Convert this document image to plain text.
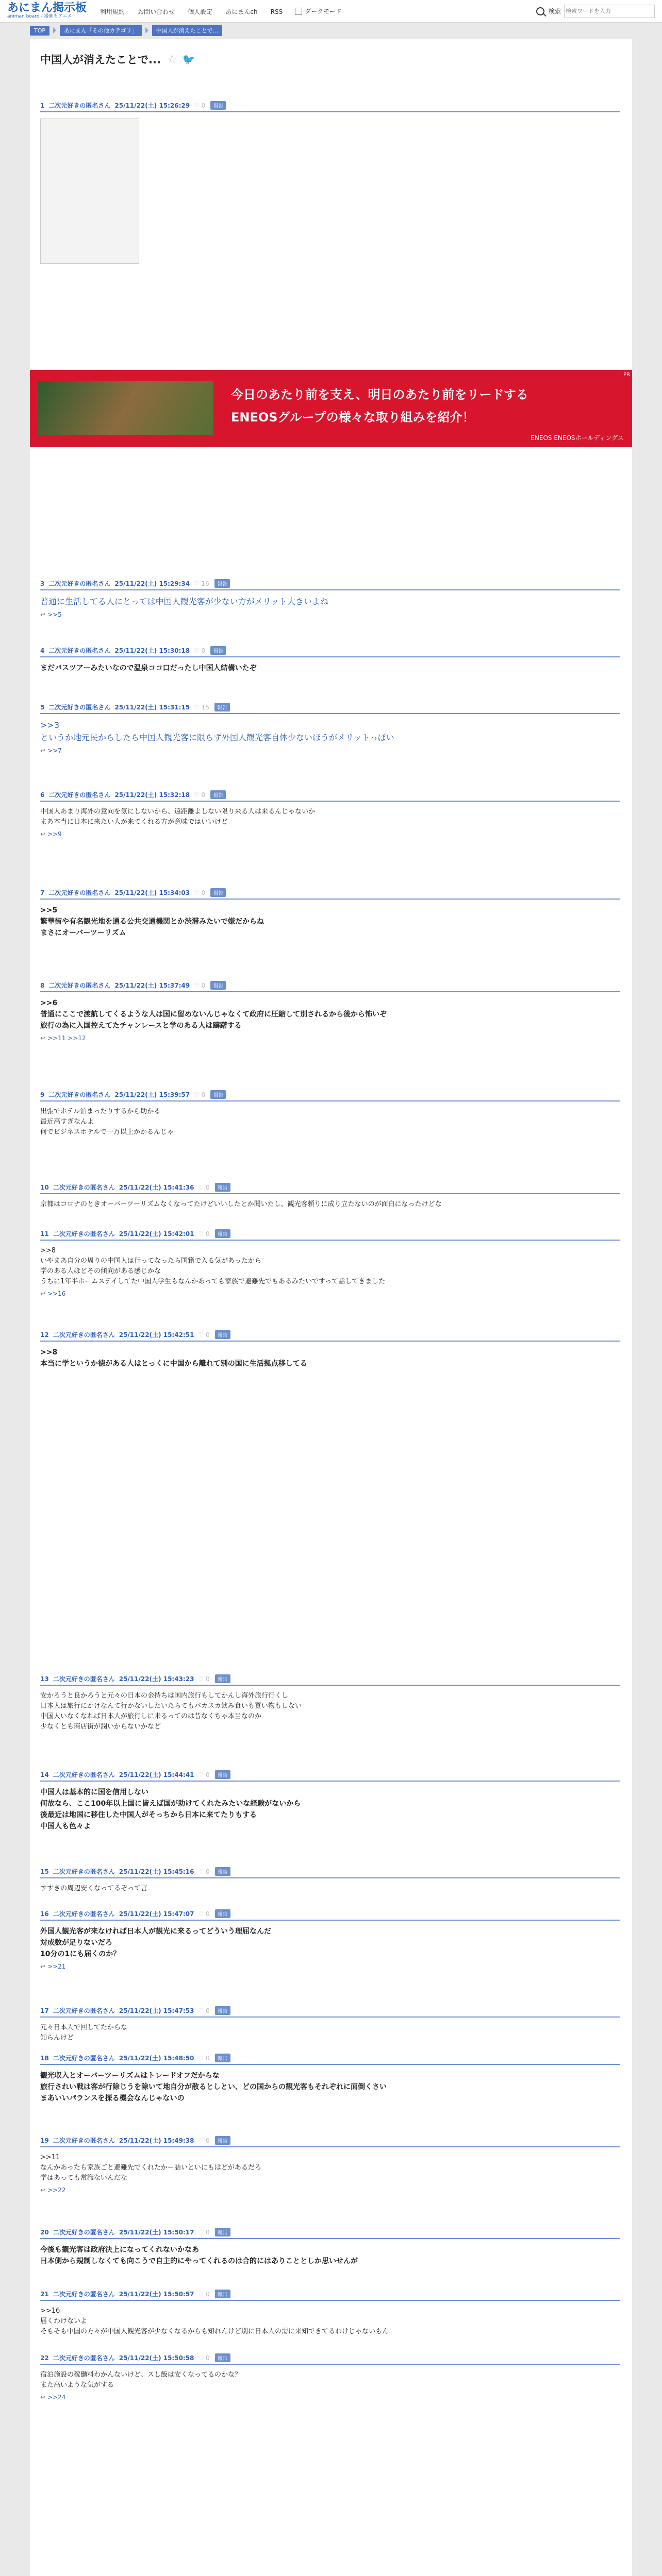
あにまん掲示板
animan board - 漫画もアニメ
利用規約 お問い合わせ 個人設定 あにまんch RSS	ダークモード	検索
検索ワードを入力
TOP	あにまん「その他カテゴリ」	中国人が消えたことで...
中国人が消えたことで... ☆ 🐦
1 二次元好きの匿名さん 25/11/22(土) 15:26:29 ♡ 0	報告
3 二次元好きの匿名さん 25/11/22(土) 15:29:34 ♡ 16	報告
普通に生活してる人にとっては中国人観光客が少ない方がメリット大きいよね
↩ >>5
4 二次元好きの匿名さん 25/11/22(土) 15:30:18 ♡ 0	報告
まだバスツアーみたいなので温泉ココ口だったし中国人結構いたぞ
5 二次元好きの匿名さん 25/11/22(土) 15:31:15 ♡ 15	報告
>>3
というか地元民からしたら中国人観光客に限らず外国人観光客自体少ないほうがメリットっぽい
↩ >>7
6 二次元好きの匿名さん 25/11/22(土) 15:32:18 ♡ 0	報告
中国人あまり海外の意向を気にしないから、遠距離よしない限り来る人は来るんじゃないか
まあ本当に日本に来たい人が来てくれる方が意味ではいいけど
↩ >>9
7 二次元好きの匿名さん 25/11/22(土) 15:34:03 ♡ 0	報告
>>5
繁華街や有名観光地を通る公共交通機関とか渋滞みたいで嫌だからね
まさにオーバーツーリズム
8 二次元好きの匿名さん 25/11/22(土) 15:37:49 ♡ 0	報告
>>6
普通にここで渡航してくるような人は国に留めないんじゃなくて政府に圧縮して別されるから後から怖いぞ
旅行の為に入国控えてたチャンレースと学のある人は躊躇する
↩ >>11 >>12
9 二次元好きの匿名さん 25/11/22(土) 15:39:57 ♡ 0	報告
出張でホテル泊まったりするから助かる
最近高すぎなんよ
何でビジネスホテルで一万以上かかるんじゃ
10 二次元好きの匿名さん 25/11/22(土) 15:41:36 ♡ 0	報告
京都はコロナのときオーバーツーリズムなくなってたけどいいしたとか聞いたし、観光客頼りに成り立たないのが面白になったけどな
11 二次元好きの匿名さん 25/11/22(土) 15:42:01 ♡ 0	報告
>>8
いやまあ自分の周りの中国人は行ってなったら国籍で入る気があったから
学のある人ほどその傾向がある感じかな
うちに1年半ホームステイしてた中国人学生もなんかあっても家族で避難先でもあるみたいですって話してきました
↩ >>16
12 二次元好きの匿名さん 25/11/22(土) 15:42:51 ♡ 0	報告
>>8
本当に学というか徳がある人はとっくに中国から離れて別の国に生活拠点移してる
13 二次元好きの匿名さん 25/11/22(土) 15:43:23 ♡ 0	報告
安かろうと良かろうと元々の日本の金持ちは国内旅行もしてかんし海外旅行行くし
日本人は旅行にかけなんて行かないしたいたらてもバカスカ飲み食いも買い物もしない
中国人いなくなれば日本人が旅行しに来るってのは昔なくちゃ本当なのか
少なくとも商店街が潤いからないかなど
14 二次元好きの匿名さん 25/11/22(土) 15:44:41 ♡ 0	報告
中国人は基本的に国を信用しない
何故なら、ここ100年以上国に皆えば国が助けてくれたみたいな経験がないから
後最近は地国に移住した中国人がそっちから日本に来てたりもする
中国人も色々よ
15 二次元好きの匿名さん 25/11/22(土) 15:45:16 ♡ 0	報告
すすきの周辺安くなってるぞって言
16 二次元好きの匿名さん 25/11/22(土) 15:47:07 ♡ 0	報告
外国人観光客が来なければ日本人が観光に来るってどういう理屈なんだ
対成数が足りないだろ
10分の1にも届くのか？
↩ >>21
17 二次元好きの匿名さん 25/11/22(土) 15:47:53 ♡ 0	報告
元々日本人で回してたからな
知らんけど
18 二次元好きの匿名さん 25/11/22(土) 15:48:50 ♡ 0	報告
観光収入とオーバーツーリズムはトレードオフだからな
旅行されい戦は客が行除じうを除いて地自分が散るとしとい、どの国からの観光客もそれぞれに面倒くさい
まあいいパランスを探る機会なんじゃないの
19 二次元好きの匿名さん 25/11/22(土) 15:49:38 ♡ 0	報告
>>11
なんかあったら家族ごと避難先でくれたかー詰いといにもはどがあるだろ
学はあっても常識ないんだな
↩ >>22
20 二次元好きの匿名さん 25/11/22(土) 15:50:17 ♡ 0	報告
今後も観光客は政府決上になってくれないかなあ
日本側から規制しなくても向こうで自主的にやってくれるのは合的にはありこととしか思いせんが
21 二次元好きの匿名さん 25/11/22(土) 15:50:57 ♡ 0	報告
>>16
届くわけないよ
そもそも中国の方々が中国人観光客が少なくなるからも知れんけど別に日本人の需に来知できてるわけじゃないもん
22 二次元好きの匿名さん 25/11/22(土) 15:50:58 ♡ 0	報告
宿泊施設の稼働料わかんないけど、スし飯は安くなってるのかな？
また高いような気がする
↩ >>24
今日のあたり前を支え、明日のあたり前をリードする
ENEOSグループの様々な取り組みを紹介！
ENEOS ENEOSホールディングス
PR
